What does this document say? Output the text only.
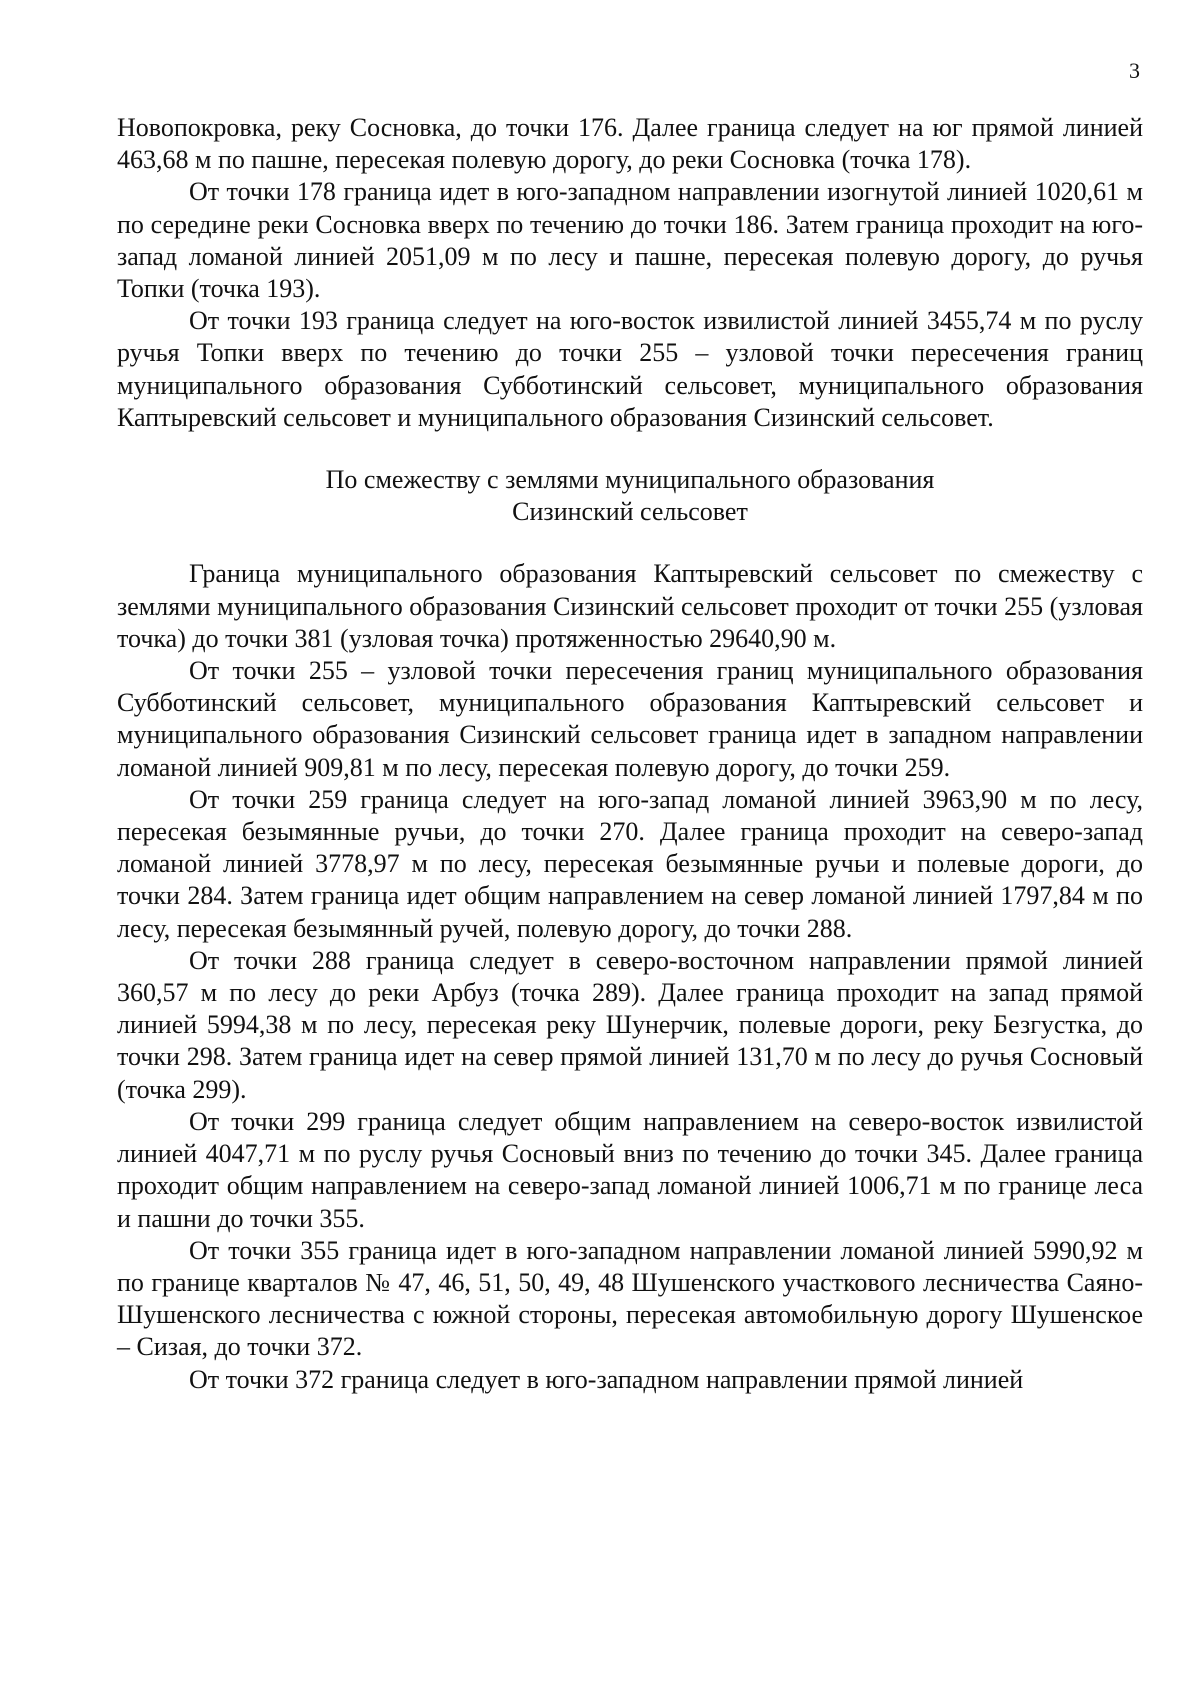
3

Новопокровка, реку Сосновка, до точки 176. Далее граница следует на юг прямой линией 463,68 м по пашне, пересекая полевую дорогу, до реки Сосновка (точка 178).

От точки 178 граница идет в юго-западном направлении изогнутой линией 1020,61 м по середине реки Сосновка вверх по течению до точки 186. Затем граница проходит на юго-запад ломаной линией 2051,09 м по лесу и пашне, пересекая полевую дорогу, до ручья Топки (точка 193).

От точки 193 граница следует на юго-восток извилистой линией 3455,74 м по руслу ручья Топки вверх по течению до точки 255 – узловой точки пересечения границ муниципального образования Субботинский сельсовет, муниципального образования Каптыревский сельсовет и муниципального образования Сизинский сельсовет.

По смежеству с землями муниципального образования
Сизинский сельсовет

Граница муниципального образования Каптыревский сельсовет по смежеству с землями муниципального образования Сизинский сельсовет проходит от точки 255 (узловая точка) до точки 381 (узловая точка) протяженностью 29640,90 м.

От точки 255 – узловой точки пересечения границ муниципального образования Субботинский сельсовет, муниципального образования Каптыревский сельсовет и муниципального образования Сизинский сельсовет граница идет в западном направлении ломаной линией 909,81 м по лесу, пересекая полевую дорогу, до точки 259.

От точки 259 граница следует на юго-запад ломаной линией 3963,90 м по лесу, пересекая безымянные ручьи, до точки 270. Далее граница проходит на северо-запад ломаной линией 3778,97 м по лесу, пересекая безымянные ручьи и полевые дороги, до точки 284. Затем граница идет общим направлением на север ломаной линией 1797,84 м по лесу, пересекая безымянный ручей, полевую дорогу, до точки 288.

От точки 288 граница следует в северо-восточном направлении прямой линией 360,57 м по лесу до реки Арбуз (точка 289). Далее граница проходит на запад прямой линией 5994,38 м по лесу, пересекая реку Шунерчик, полевые дороги, реку Безгустка, до точки 298. Затем граница идет на север прямой линией 131,70 м по лесу до ручья Сосновый (точка 299).

От точки 299 граница следует общим направлением на северо-восток извилистой линией 4047,71 м по руслу ручья Сосновый вниз по течению до точки 345. Далее граница проходит общим направлением на северо-запад ломаной линией 1006,71 м по границе леса и пашни до точки 355.

От точки 355 граница идет в юго-западном направлении ломаной линией 5990,92 м по границе кварталов № 47, 46, 51, 50, 49, 48 Шушенского участкового лесничества Саяно-Шушенского лесничества с южной стороны, пересекая автомобильную дорогу Шушенское – Сизая, до точки 372.

От точки 372 граница следует в юго-западном направлении прямой линией
